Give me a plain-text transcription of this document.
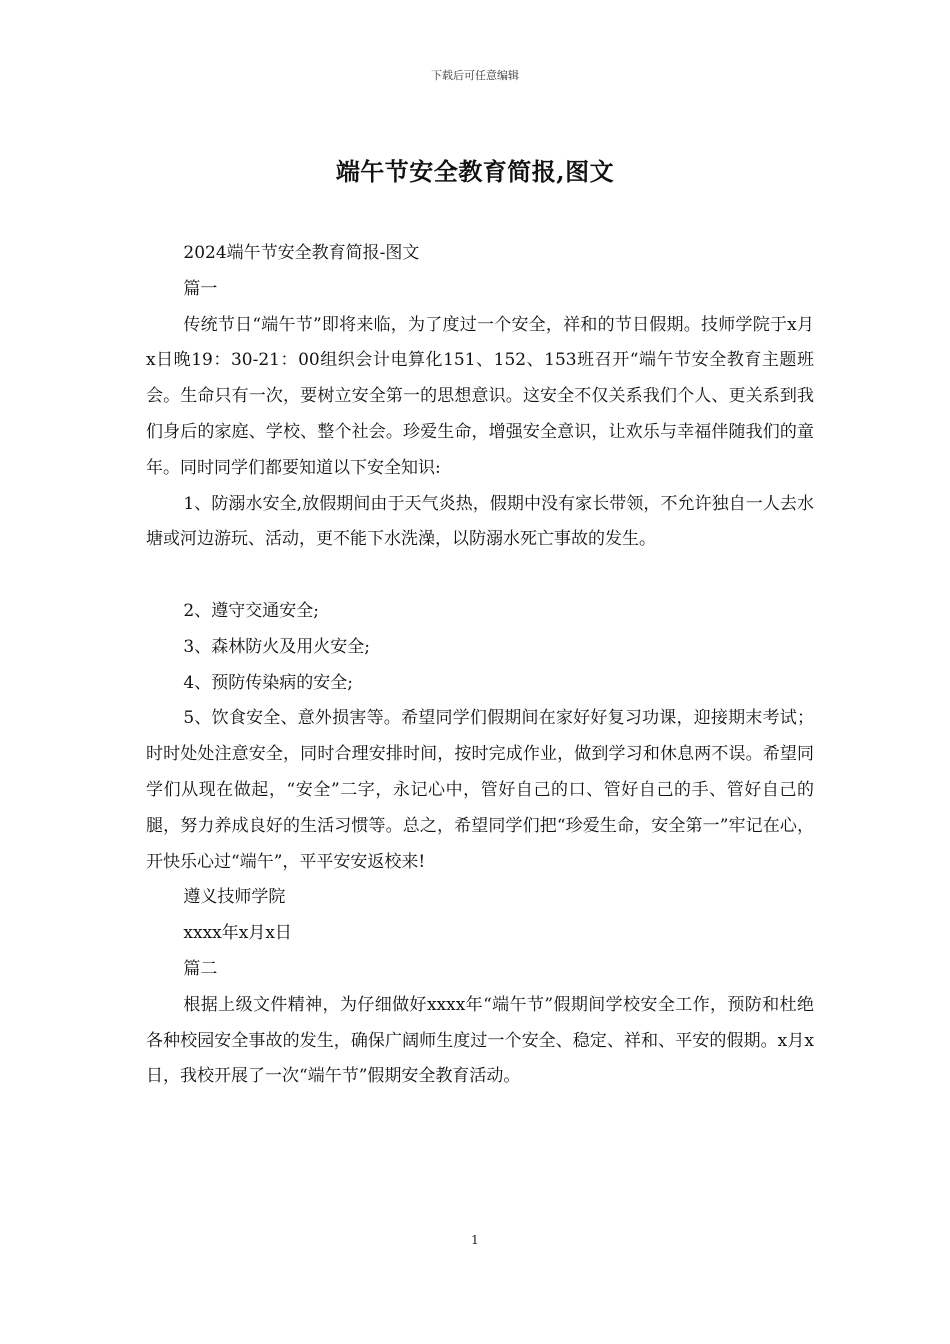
下载后可任意编辑
端午节安全教育简报,图文

2024端午节安全教育简报-图文

篇一

传统节日“端午节”即将来临，为了度过一个安全，祥和的节日假期。技师学院于x月x日晚19：30-21：00组织会计电算化151、152、153班召开“端午节安全教育主题班会。生命只有一次，要树立安全第一的思想意识。这安全不仅关系我们个人、更关系到我们身后的家庭、学校、整个社会。珍爱生命，增强安全意识，让欢乐与幸福伴随我们的童年。同时同学们都要知道以下安全知识:

1、防溺水安全,放假期间由于天气炎热，假期中没有家长带领，不允许独自一人去水塘或河边游玩、活动，更不能下水洗澡，以防溺水死亡事故的发生。

2、遵守交通安全;

3、森林防火及用火安全;

4、预防传染病的安全;

5、饮食安全、意外损害等。希望同学们假期间在家好好复习功课，迎接期末考试；时时处处注意安全，同时合理安排时间，按时完成作业，做到学习和休息两不误。希望同学们从现在做起，“安全”二字，永记心中，管好自己的口、管好自己的手、管好自己的腿，努力养成良好的生活习惯等。总之，希望同学们把“珍爱生命，安全第一”牢记在心，开快乐心过“端午”，平平安安返校来!

遵义技师学院

xxxx年x月x日

篇二

根据上级文件精神，为仔细做好xxxx年“端午节”假期间学校安全工作，预防和杜绝各种校园安全事故的发生，确保广阔师生度过一个安全、稳定、祥和、平安的假期。x月x日，我校开展了一次“端午节”假期安全教育活动。

1
